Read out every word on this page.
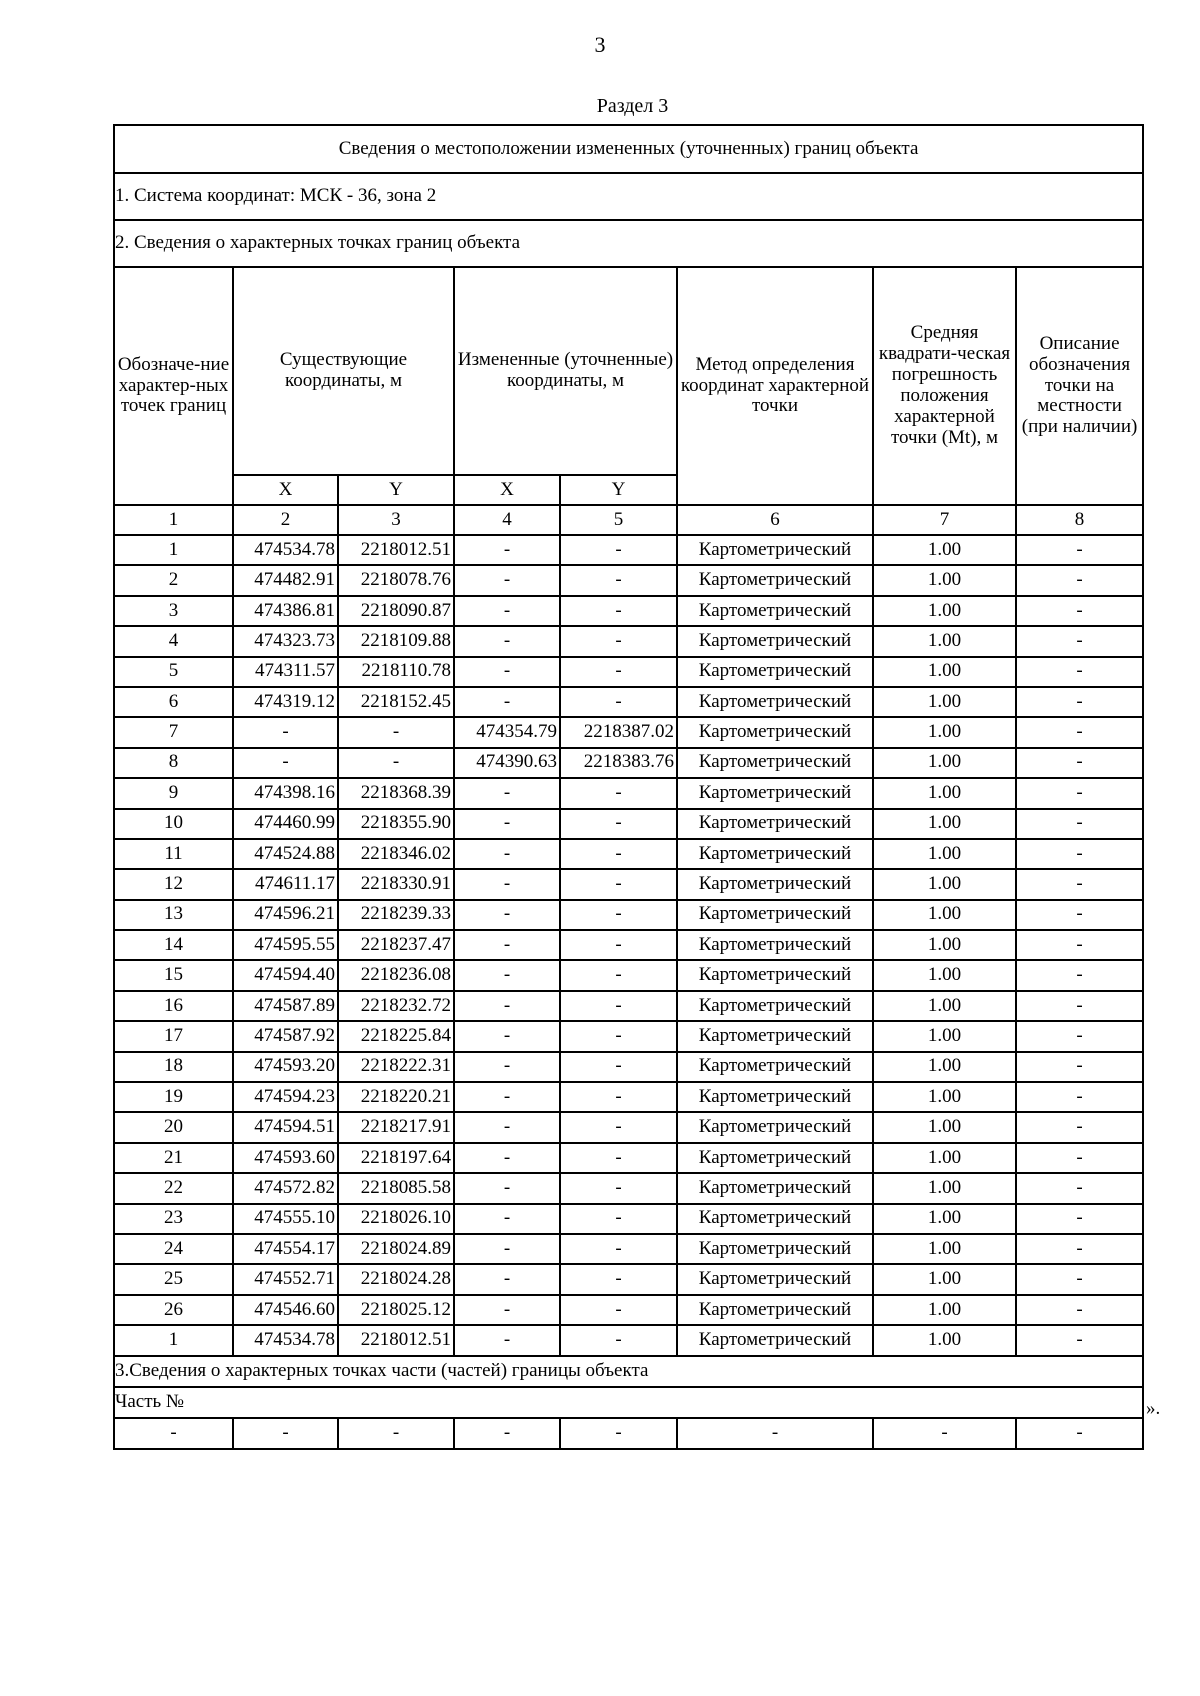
3
Раздел 3
Сведения о местоположении измененных (уточненных) границ объекта							
1. Система координат: МСК - 36, зона 2							
2. Сведения о характерных точках границ объекта							
Обозначе-ние характер-ных точек границ	Существующие координаты, м		Измененные (уточненные) координаты, м		Метод определения координат характерной точки	Средняя квадрати-ческая погрешность положения характерной точки (Mt), м	Описание обозначения точки на местности (при наличии)
	X	Y	X	Y			
1	2	3	4	5	6	7	8
1	474534.78	2218012.51	-	-	Картометрический	1.00	-
2	474482.91	2218078.76	-	-	Картометрический	1.00	-
3	474386.81	2218090.87	-	-	Картометрический	1.00	-
4	474323.73	2218109.88	-	-	Картометрический	1.00	-
5	474311.57	2218110.78	-	-	Картометрический	1.00	-
6	474319.12	2218152.45	-	-	Картометрический	1.00	-
7	-	-	474354.79	2218387.02	Картометрический	1.00	-
8	-	-	474390.63	2218383.76	Картометрический	1.00	-
9	474398.16	2218368.39	-	-	Картометрический	1.00	-
10	474460.99	2218355.90	-	-	Картометрический	1.00	-
11	474524.88	2218346.02	-	-	Картометрический	1.00	-
12	474611.17	2218330.91	-	-	Картометрический	1.00	-
13	474596.21	2218239.33	-	-	Картометрический	1.00	-
14	474595.55	2218237.47	-	-	Картометрический	1.00	-
15	474594.40	2218236.08	-	-	Картометрический	1.00	-
16	474587.89	2218232.72	-	-	Картометрический	1.00	-
17	474587.92	2218225.84	-	-	Картометрический	1.00	-
18	474593.20	2218222.31	-	-	Картометрический	1.00	-
19	474594.23	2218220.21	-	-	Картометрический	1.00	-
20	474594.51	2218217.91	-	-	Картометрический	1.00	-
21	474593.60	2218197.64	-	-	Картометрический	1.00	-
22	474572.82	2218085.58	-	-	Картометрический	1.00	-
23	474555.10	2218026.10	-	-	Картометрический	1.00	-
24	474554.17	2218024.89	-	-	Картометрический	1.00	-
25	474552.71	2218024.28	-	-	Картометрический	1.00	-
26	474546.60	2218025.12	-	-	Картометрический	1.00	-
1	474534.78	2218012.51	-	-	Картометрический	1.00	-
3.Сведения о характерных точках части (частей) границы объекта							
Часть №							
-	-	-	-	-	-	-	-
».
